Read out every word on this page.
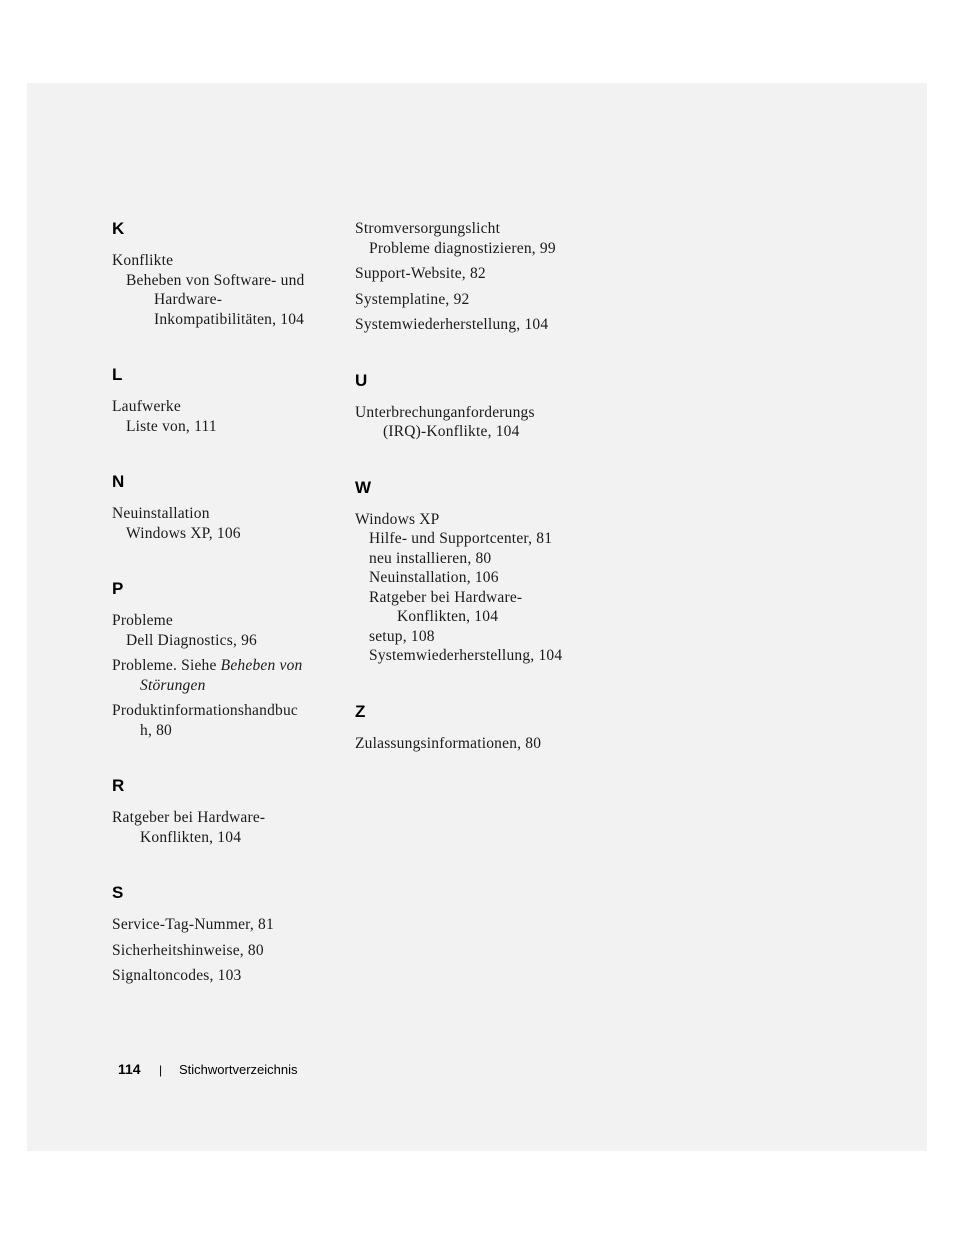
K
Konflikte
Beheben von Software- und
Hardware-
Inkompatibilitäten, 104
L
Laufwerke
Liste von, 111
N
Neuinstallation
Windows XP, 106
P
Probleme
Dell Diagnostics, 96
Probleme. Siehe Beheben von
Störungen
Produktinformationshandbuc
h, 80
R
Ratgeber bei Hardware-
Konflikten, 104
S
Service-Tag-Nummer, 81
Sicherheitshinweise, 80
Signaltoncodes, 103
Stromversorgungslicht
Probleme diagnostizieren, 99
Support-Website, 82
Systemplatine, 92
Systemwiederherstellung, 104
U
Unterbrechunganforderungs
(IRQ)-Konflikte, 104
W
Windows XP
Hilfe- und Supportcenter, 81
neu installieren, 80
Neuinstallation, 106
Ratgeber bei Hardware-
Konflikten, 104
setup, 108
Systemwiederherstellung, 104
Z
Zulassungsinformationen, 80
114 | Stichwortverzeichnis
